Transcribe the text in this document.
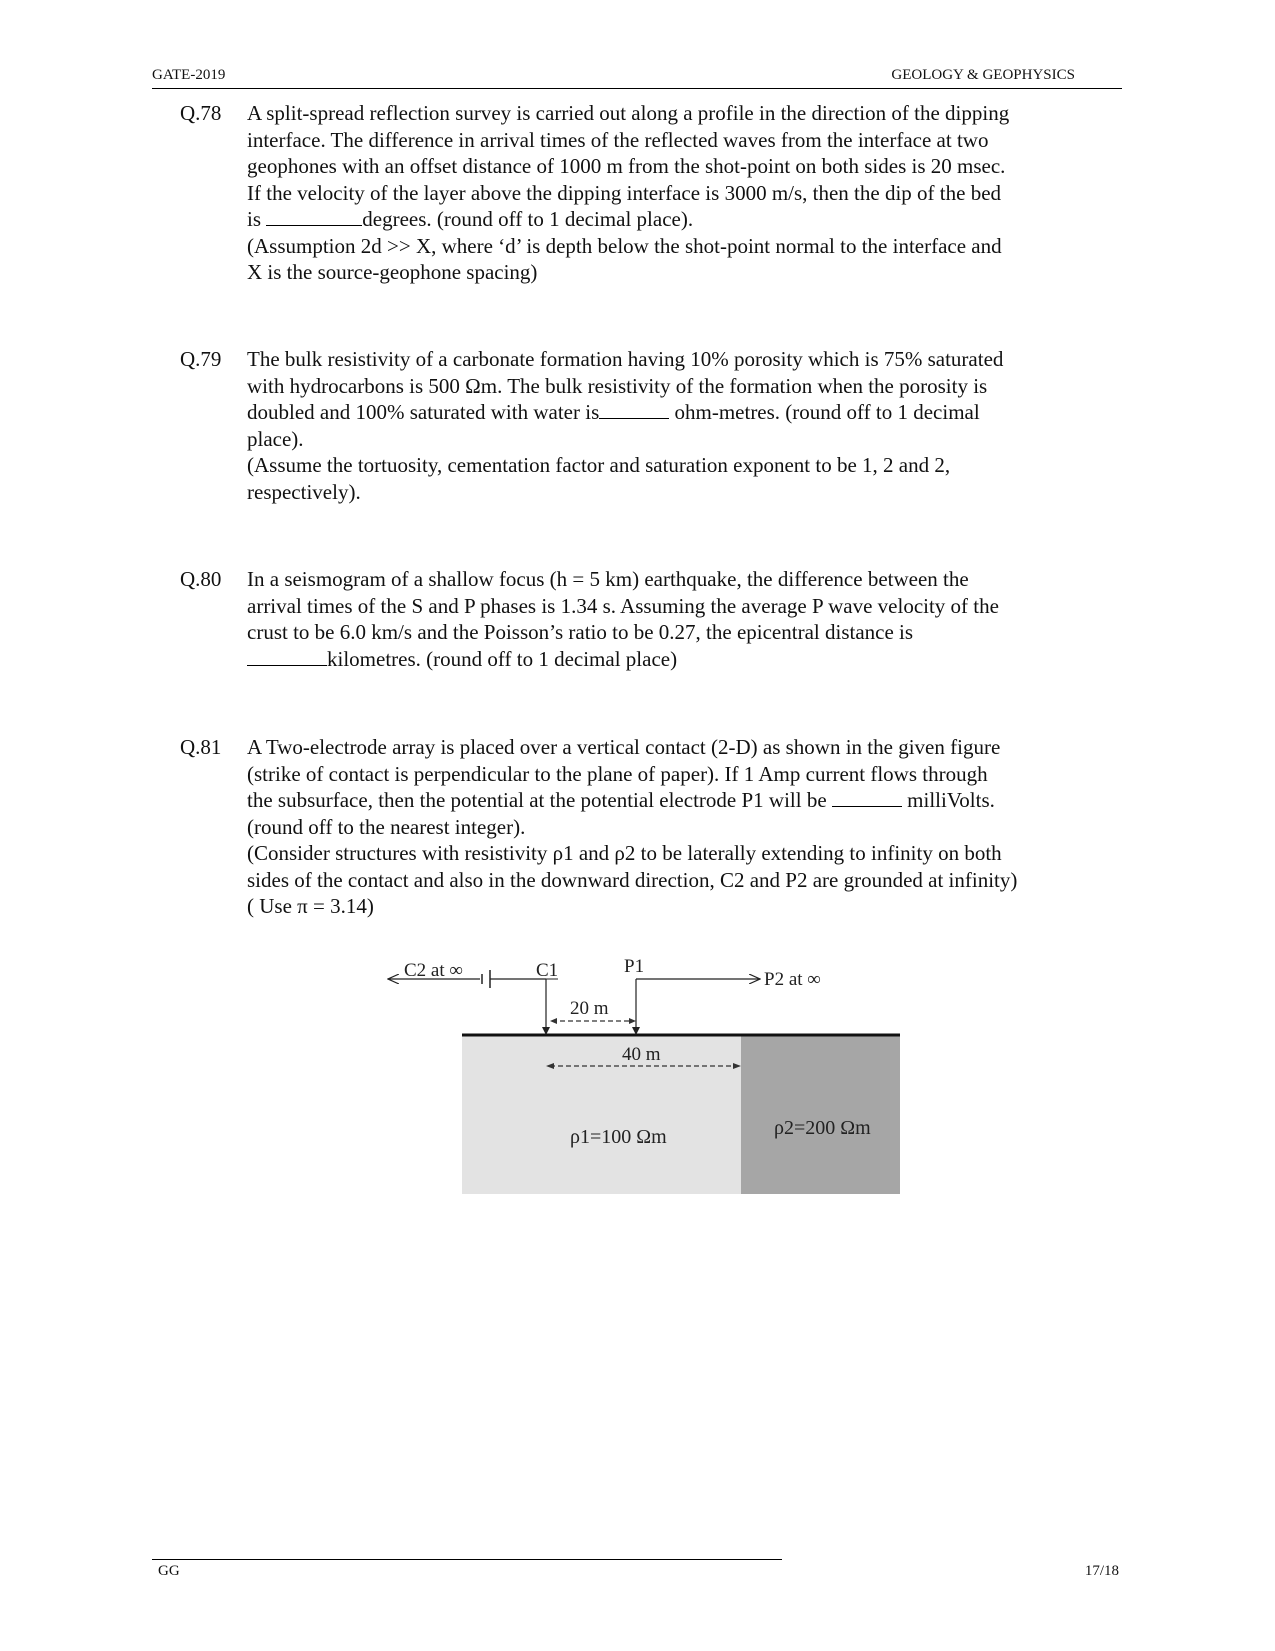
GATE-2019	GEOLOGY & GEOPHYSICS
Q.78	A split-spread reflection survey is carried out along a profile in the direction of the dipping
interface. The difference in arrival times of the reflected waves from the interface at two
geophones with an offset distance of 1000 m from the shot-point on both sides is 20 msec.
If the velocity of the layer above the dipping interface is 3000 m/s, then the dip of the bed
is	degrees. (round off to 1 decimal place).
(Assumption 2d >> X, where ‘d’ is depth below the shot-point normal to the interface and
X is the source-geophone spacing)
Q.79	The bulk resistivity of a carbonate formation having 10% porosity which is 75% saturated
with hydrocarbons is 500 Ωm. The bulk resistivity of the formation when the porosity is
doubled and 100% saturated with water is	ohm-metres. (round off to 1 decimal
place).
(Assume the tortuosity, cementation factor and saturation exponent to be 1, 2 and 2,
respectively).
Q.80	In a seismogram of a shallow focus (h = 5 km) earthquake, the difference between the
arrival times of the S and P phases is 1.34 s. Assuming the average P wave velocity of the
crust to be 6.0 km/s and the Poisson’s ratio to be 0.27, the epicentral distance is
kilometres. (round off to 1 decimal place)
Q.81	A Two-electrode array is placed over a vertical contact (2-D) as shown in the given figure
(strike of contact is perpendicular to the plane of paper). If 1 Amp current flows through
the subsurface, then the potential at the potential electrode P1 will be	milliVolts.
(round off to the nearest integer).
(Consider structures with resistivity ρ1 and ρ2 to be laterally extending to infinity on both
sides of the contact and also in the downward direction, C2 and P2 are grounded at infinity)
( Use π = 3.14)
C2 at ∞	C1	P1
P2 at ∞
20 m
40 m
ρ1=100 Ωm	ρ2=200 Ωm
GG	17/18
